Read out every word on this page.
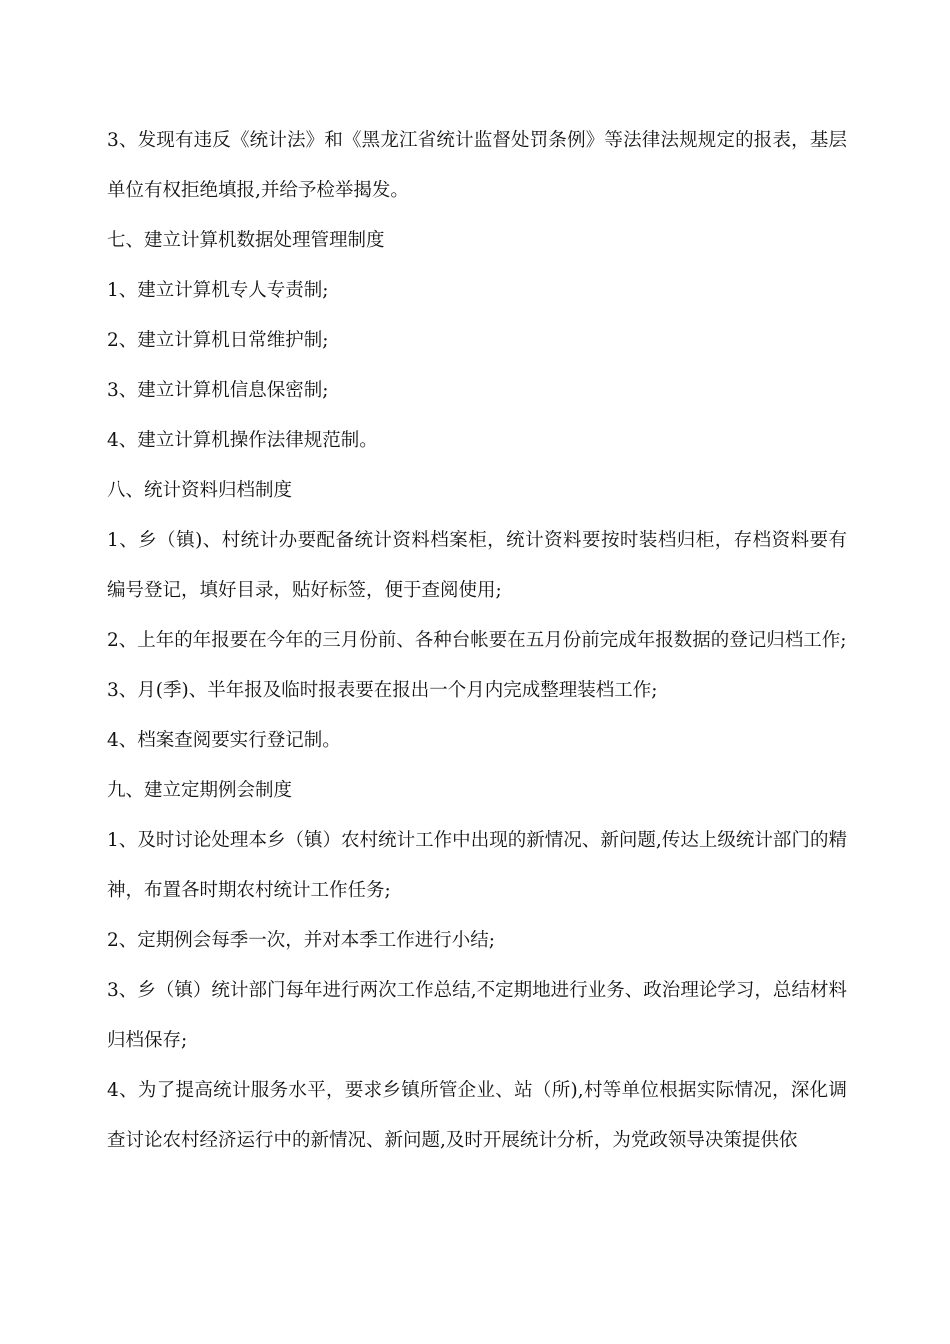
3、发现有违反《统计法》和《黑龙江省统计监督处罚条例》等法律法规规定的报表，基层单位有权拒绝填报,并给予检举揭发。

七、建立计算机数据处理管理制度

1、建立计算机专人专责制;

2、建立计算机日常维护制;

3、建立计算机信息保密制;

4、建立计算机操作法律规范制。

八、统计资料归档制度

1、乡（镇)、村统计办要配备统计资料档案柜，统计资料要按时装档归柜，存档资料要有编号登记，填好目录，贴好标签，便于查阅使用;

2、上年的年报要在今年的三月份前、各种台帐要在五月份前完成年报数据的登记归档工作;

3、月(季)、半年报及临时报表要在报出一个月内完成整理装档工作;

4、档案查阅要实行登记制。

九、建立定期例会制度

1、及时讨论处理本乡（镇）农村统计工作中出现的新情况、新问题,传达上级统计部门的精神，布置各时期农村统计工作任务;

2、定期例会每季一次，并对本季工作进行小结;

3、乡（镇）统计部门每年进行两次工作总结,不定期地进行业务、政治理论学习，总结材料归档保存;

4、为了提高统计服务水平，要求乡镇所管企业、站（所),村等单位根据实际情况，深化调查讨论农村经济运行中的新情况、新问题,及时开展统计分析，为党政领导决策提供依
